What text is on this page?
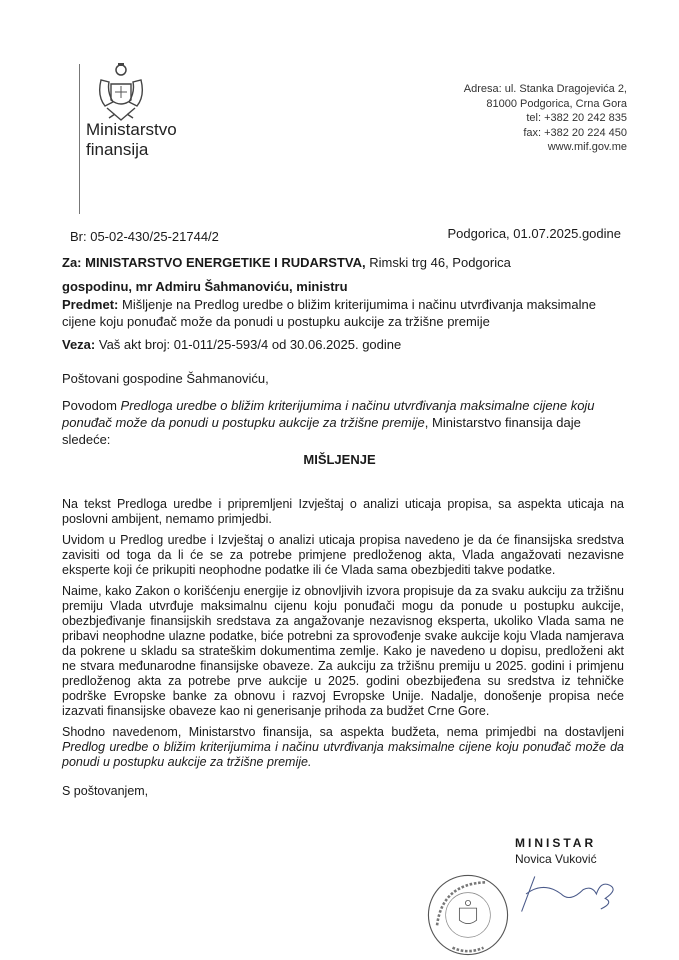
Ministarstvo
finansija
Adresa: ul. Stanka Dragojevića 2,
81000 Podgorica, Crna Gora
tel: +382 20 242 835
fax: +382 20 224 450
www.mif.gov.me
Br: 05-02-430/25-21744/2	Podgorica, 01.07.2025.godine
Za: MINISTARSTVO ENERGETIKE I RUDARSTVA, Rimski trg 46, Podgorica
gospodinu, mr Admiru Šahmanoviću, ministru
Predmet: Mišljenje na Predlog uredbe o bližim kriterijumima i načinu utvrđivanja maksimalne cijene koju ponuđač može da ponudi u postupku aukcije za tržišne premije
Veza: Vaš akt broj: 01-011/25-593/4 od 30.06.2025. godine
Poštovani gospodine Šahmanoviću,
Povodom Predloga uredbe o bližim kriterijumima i načinu utvrđivanja maksimalne cijene koju ponuđač može da ponudi u postupku aukcije za tržišne premije, Ministarstvo finansija daje sledeće:
MIŠLJENJE
Na tekst Predloga uredbe i pripremljeni Izvještaj o analizi uticaja propisa, sa aspekta uticaja na poslovni ambijent, nemamo primjedbi.
Uvidom u Predlog uredbe i Izvještaj o analizi uticaja propisa navedeno je da će finansijska sredstva zavisiti od toga da li će se za potrebe primjene predloženog akta, Vlada angažovati nezavisne eksperte koji će prikupiti neophodne podatke ili će Vlada sama obezbjediti takve podatke.
Naime, kako Zakon o korišćenju energije iz obnovljivih izvora propisuje da za svaku aukciju za tržišnu premiju Vlada utvrđuje maksimalnu cijenu koju ponuđači mogu da ponude u postupku aukcije, obezbjeđivanje finansijskih sredstava za angažovanje nezavisnog eksperta, ukoliko Vlada sama ne pribavi neophodne ulazne podatke, biće potrebni za sprovođenje svake aukcije koju Vlada namjerava da pokrene u skladu sa strateškim dokumentima zemlje. Kako je navedeno u dopisu, predloženi akt ne stvara međunarodne finansijske obaveze. Za aukciju za tržišnu premiju u 2025. godini i primjenu predloženog akta za potrebe prve aukcije u 2025. godini obezbijeđena su sredstva iz tehničke podrške Evropske banke za obnovu i razvoj Evropske Unije. Nadalje, donošenje propisa neće izazvati finansijske obaveze kao ni generisanje prihoda za budžet Crne Gore.
Shodno navedenom, Ministarstvo finansija, sa aspekta budžeta, nema primjedbi na dostavljeni Predlog uredbe o bližim kriterijumima i načinu utvrđivanja maksimalne cijene koju ponuđač može da ponudi u postupku aukcije za tržišne premije.
S poštovanjem,
MINISTAR
Novica Vuković
